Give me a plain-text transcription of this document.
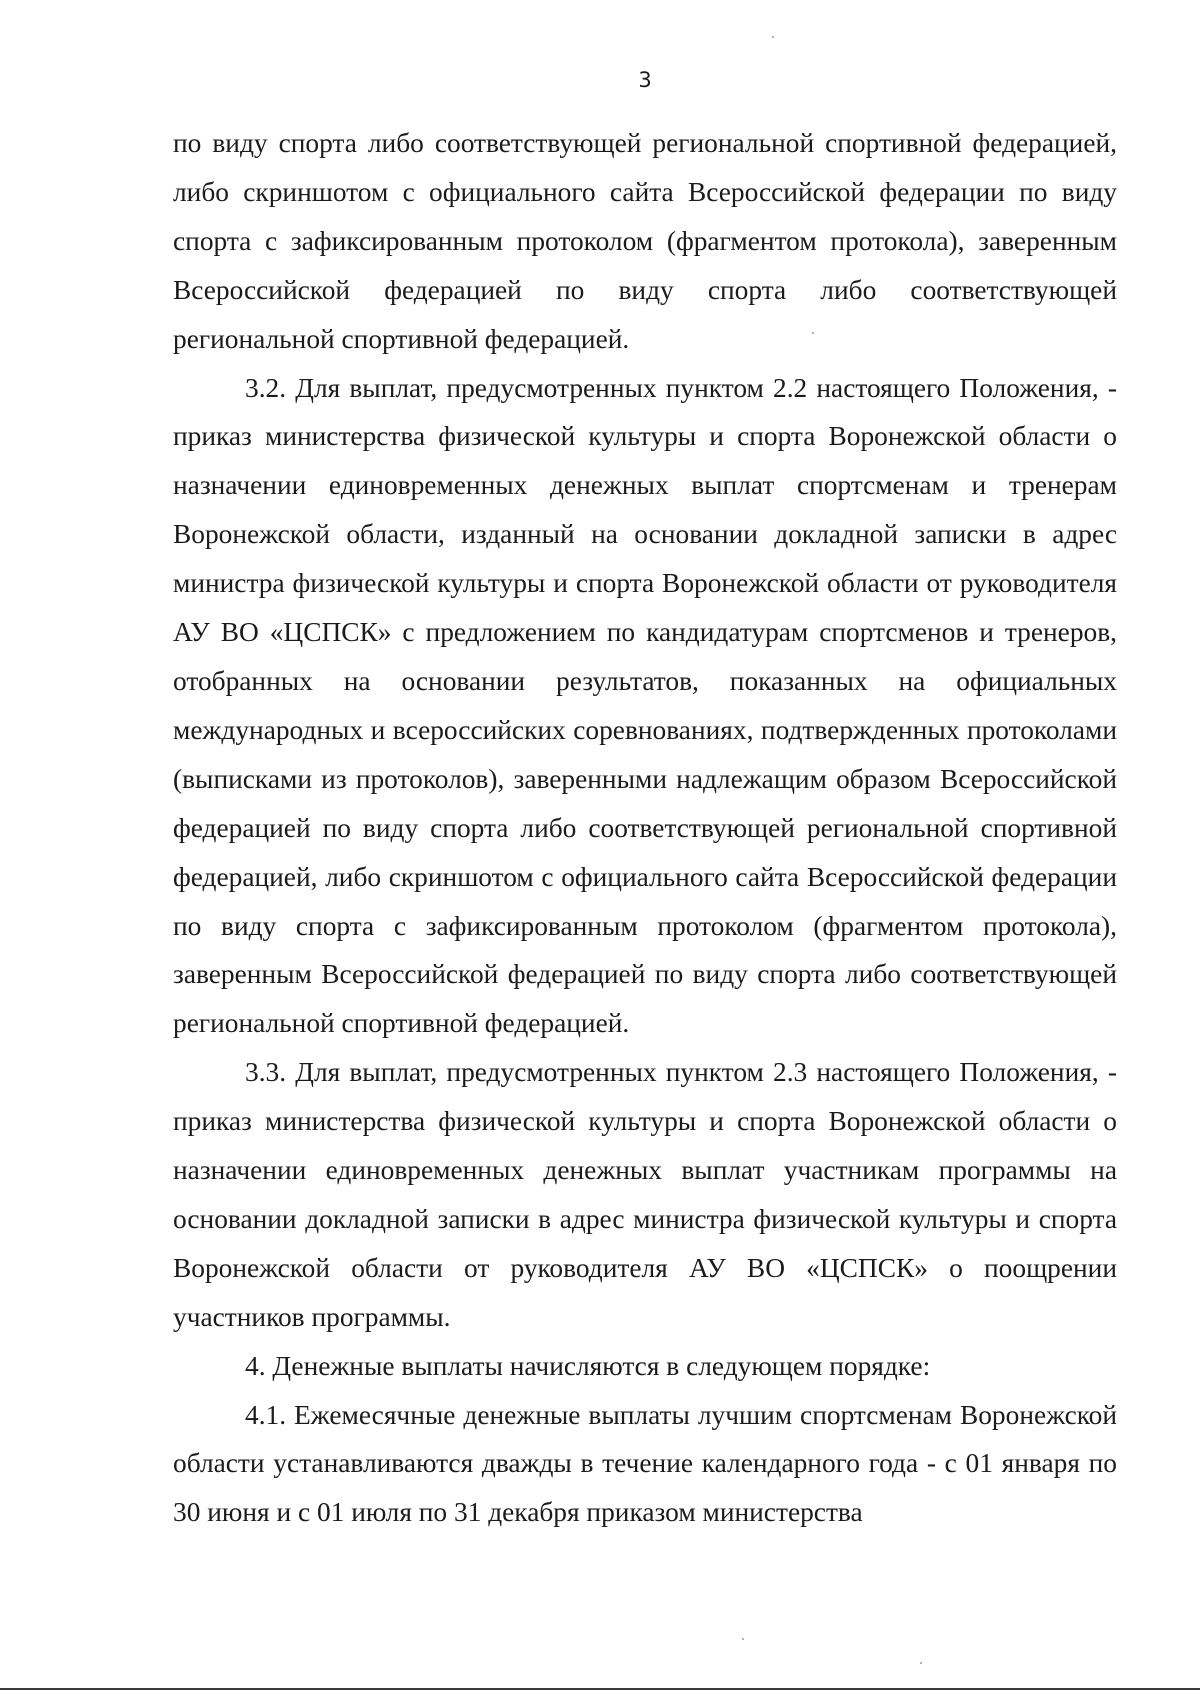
3

по виду спорта либо соответствующей региональной спортивной федерацией, либо скриншотом с официального сайта Всероссийской федерации по виду спорта с зафиксированным протоколом (фрагментом протокола), заверенным Всероссийской федерацией по виду спорта либо соответствующей региональной спортивной федерацией.

3.2. Для выплат, предусмотренных пунктом 2.2 настоящего Положения, - приказ министерства физической культуры и спорта Воронежской области о назначении единовременных денежных выплат спортсменам и тренерам Воронежской области, изданный на основании докладной записки в адрес министра физической культуры и спорта Воронежской области от руководителя АУ ВО «ЦСПСК» с предложением по кандидатурам спортсменов и тренеров, отобранных на основании результатов, показанных на официальных международных и всероссийских соревнованиях, подтвержденных протоколами (выписками из протоколов), заверенными надлежащим образом Всероссийской федерацией по виду спорта либо соответствующей региональной спортивной федерацией, либо скриншотом с официального сайта Всероссийской федерации по виду спорта с зафиксированным протоколом (фрагментом протокола), заверенным Всероссийской федерацией по виду спорта либо соответствующей региональной спортивной федерацией.

3.3. Для выплат, предусмотренных пунктом 2.3 настоящего Положения, - приказ министерства физической культуры и спорта Воронежской области о назначении единовременных денежных выплат участникам программы на основании докладной записки в адрес министра физической культуры и спорта Воронежской области от руководителя АУ ВО «ЦСПСК» о поощрении участников программы.

4. Денежные выплаты начисляются в следующем порядке:

4.1. Ежемесячные денежные выплаты лучшим спортсменам Воронежской области устанавливаются дважды в течение календарного года - с 01 января по 30 июня и с 01 июля по 31 декабря приказом министерства
